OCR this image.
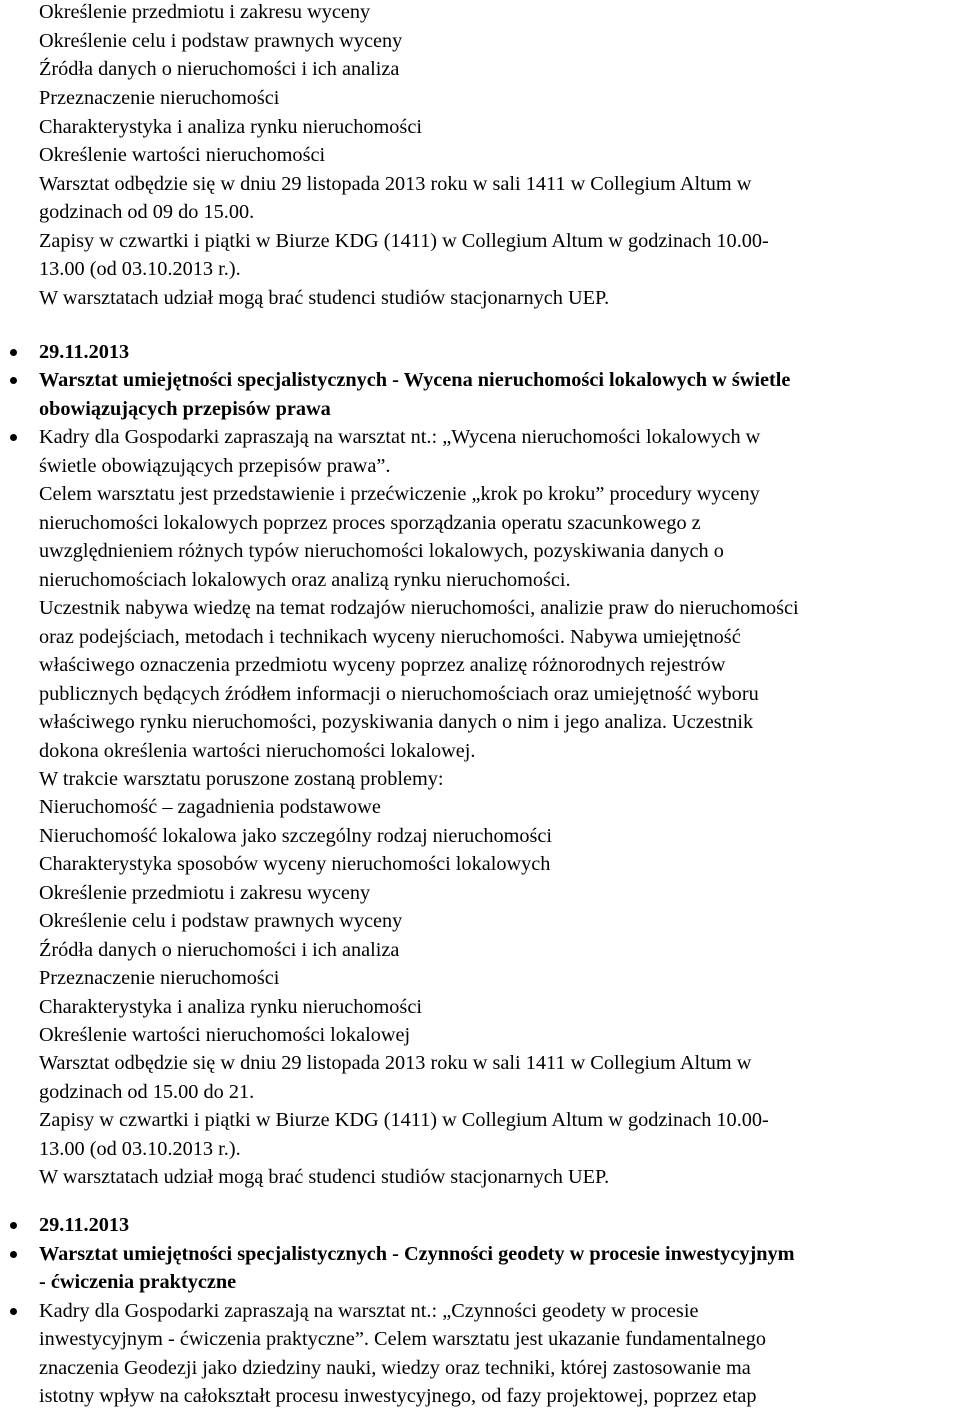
Określenie przedmiotu i zakresu wyceny
Określenie celu i podstaw prawnych wyceny
Źródła danych o nieruchomości i ich analiza
Przeznaczenie nieruchomości
Charakterystyka i analiza rynku nieruchomości
Określenie wartości nieruchomości
Warsztat odbędzie się w dniu 29 listopada 2013 roku w sali 1411 w Collegium Altum w
godzinach od 09 do 15.00.
Zapisy w czwartki i piątki w Biurze KDG (1411) w Collegium Altum w godzinach 10.00-
13.00 (od 03.10.2013 r.).
W warsztatach udział mogą brać studenci studiów stacjonarnych UEP.
29.11.2013
Warsztat umiejętności specjalistycznych - Wycena nieruchomości lokalowych w świetle
obowiązujących przepisów prawa
Kadry dla Gospodarki zapraszają na warsztat nt.: „Wycena nieruchomości lokalowych w
świetle obowiązujących przepisów prawa”.
Celem warsztatu jest przedstawienie i przećwiczenie „krok po kroku” procedury wyceny
nieruchomości lokalowych poprzez proces sporządzania operatu szacunkowego z
uwzględnieniem różnych typów nieruchomości lokalowych, pozyskiwania danych o
nieruchomościach lokalowych oraz analizą rynku nieruchomości.
Uczestnik nabywa wiedzę na temat rodzajów nieruchomości, analizie praw do nieruchomości
oraz podejściach, metodach i technikach wyceny nieruchomości. Nabywa umiejętność
właściwego oznaczenia przedmiotu wyceny poprzez analizę różnorodnych rejestrów
publicznych będących źródłem informacji o nieruchomościach oraz umiejętność wyboru
właściwego rynku nieruchomości, pozyskiwania danych o nim i jego analiza. Uczestnik
dokona określenia wartości nieruchomości lokalowej.
W trakcie warsztatu poruszone zostaną problemy:
Nieruchomość – zagadnienia podstawowe
Nieruchomość lokalowa jako szczególny rodzaj nieruchomości
Charakterystyka sposobów wyceny nieruchomości lokalowych
Określenie przedmiotu i zakresu wyceny
Określenie celu i podstaw prawnych wyceny
Źródła danych o nieruchomości i ich analiza
Przeznaczenie nieruchomości
Charakterystyka i analiza rynku nieruchomości
Określenie wartości nieruchomości lokalowej
Warsztat odbędzie się w dniu 29 listopada 2013 roku w sali 1411 w Collegium Altum w
godzinach od 15.00 do 21.
Zapisy w czwartki i piątki w Biurze KDG (1411) w Collegium Altum w godzinach 10.00-
13.00 (od 03.10.2013 r.).
W warsztatach udział mogą brać studenci studiów stacjonarnych UEP.
29.11.2013
Warsztat umiejętności specjalistycznych - Czynności geodety w procesie inwestycyjnym
- ćwiczenia praktyczne
Kadry dla Gospodarki zapraszają na warsztat nt.: „Czynności geodety w procesie
inwestycyjnym - ćwiczenia praktyczne”. Celem warsztatu jest ukazanie fundamentalnego
znaczenia Geodezji jako dziedziny nauki, wiedzy oraz techniki, której zastosowanie ma
istotny wpływ na całokształt procesu inwestycyjnego, od fazy projektowej, poprzez etap
